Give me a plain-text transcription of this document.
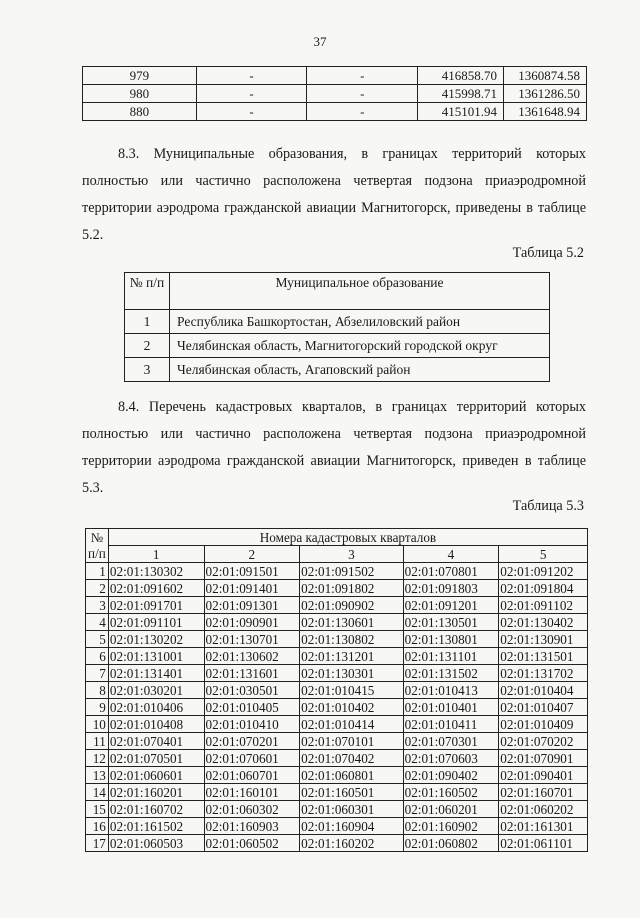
37
979	-	-	416858.70	1360874.58
980	-	-	415998.71	1361286.50
880	-	-	415101.94	1361648.94

8.3. Муниципальные образования, в границах территорий которых полностью или частично расположена четвертая подзона приаэродромной территории аэродрома гражданской авиации Магнитогорск, приведены в таблице 5.2.

Таблица 5.2
№ п/п	Муниципальное образование
1	Республика Башкортостан, Абзелиловский район
2	Челябинская область, Магнитогорский городской округ
3	Челябинская область, Агаповский район

8.4. Перечень кадастровых кварталов, в границах территорий которых полностью или частично расположена четвертая подзона приаэродромной территории аэродрома гражданской авиации Магнитогорск, приведен в таблице 5.3.

Таблица 5.3
№ п/п	Номера кадастровых кварталов				
	1	2	3	4	5
1	02:01:130302	02:01:091501	02:01:091502	02:01:070801	02:01:091202
2	02:01:091602	02:01:091401	02:01:091802	02:01:091803	02:01:091804
3	02:01:091701	02:01:091301	02:01:090902	02:01:091201	02:01:091102
4	02:01:091101	02:01:090901	02:01:130601	02:01:130501	02:01:130402
5	02:01:130202	02:01:130701	02:01:130802	02:01:130801	02:01:130901
6	02:01:131001	02:01:130602	02:01:131201	02:01:131101	02:01:131501
7	02:01:131401	02:01:131601	02:01:130301	02:01:131502	02:01:131702
8	02:01:030201	02:01:030501	02:01:010415	02:01:010413	02:01:010404
9	02:01:010406	02:01:010405	02:01:010402	02:01:010401	02:01:010407
10	02:01:010408	02:01:010410	02:01:010414	02:01:010411	02:01:010409
11	02:01:070401	02:01:070201	02:01:070101	02:01:070301	02:01:070202
12	02:01:070501	02:01:070601	02:01:070402	02:01:070603	02:01:070901
13	02:01:060601	02:01:060701	02:01:060801	02:01:090402	02:01:090401
14	02:01:160201	02:01:160101	02:01:160501	02:01:160502	02:01:160701
15	02:01:160702	02:01:060302	02:01:060301	02:01:060201	02:01:060202
16	02:01:161502	02:01:160903	02:01:160904	02:01:160902	02:01:161301
17	02:01:060503	02:01:060502	02:01:160202	02:01:060802	02:01:061101
